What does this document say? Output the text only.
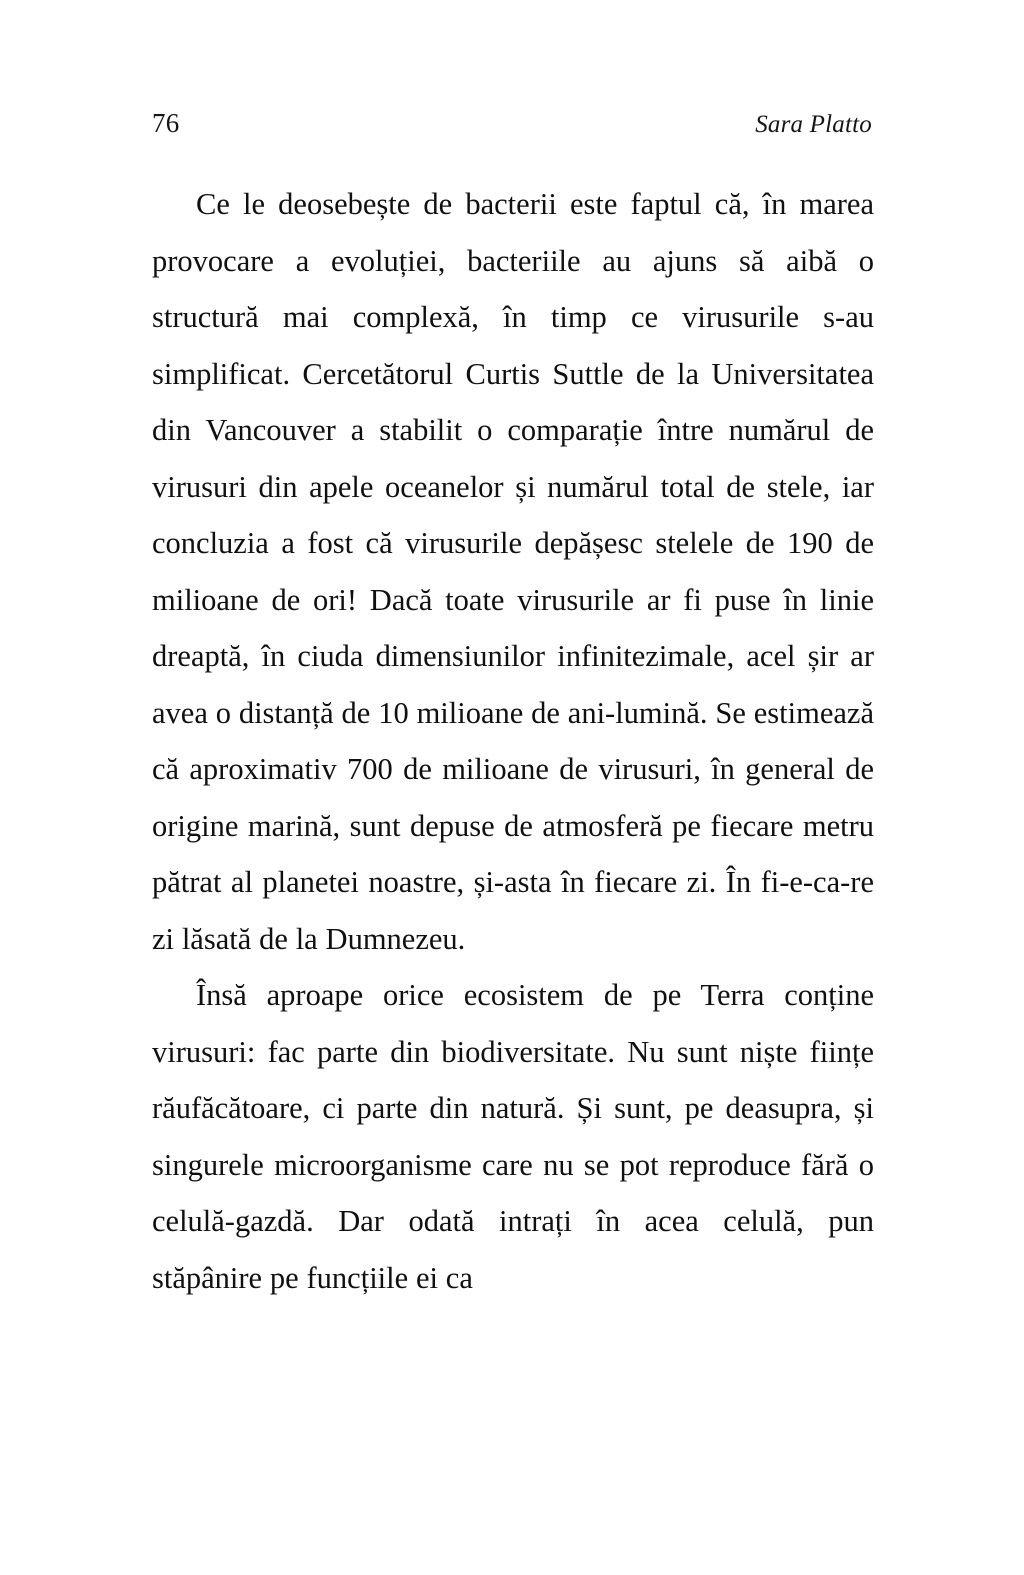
76	Sara Platto

Ce le deosebește de bacterii este faptul că, în marea provocare a evoluției, bacteriile au ajuns să aibă o structură mai complexă, în timp ce virusurile s-au simplificat. Cercetătorul Curtis Suttle de la Universitatea din Vancouver a stabilit o comparație între numărul de virusuri din apele oceanelor și numărul total de stele, iar concluzia a fost că virusurile depășesc stelele de 190 de milioane de ori! Dacă toate virusurile ar fi puse în linie dreaptă, în ciuda dimensiunilor infinitezimale, acel șir ar avea o distanță de 10 milioane de ani-lumină. Se estimează că aproximativ 700 de milioane de virusuri, în general de origine marină, sunt depuse de atmosferă pe fiecare metru pătrat al planetei noastre, și-asta în fiecare zi. În fi-e-ca-re zi lăsată de la Dumnezeu.

Însă aproape orice ecosistem de pe Terra conține virusuri: fac parte din biodiversitate. Nu sunt niște ființe răufăcătoare, ci parte din natură. Și sunt, pe deasupra, și singurele microorganisme care nu se pot reproduce fără o celulă-gazdă. Dar odată intrați în acea celulă, pun stăpânire pe funcțiile ei ca
